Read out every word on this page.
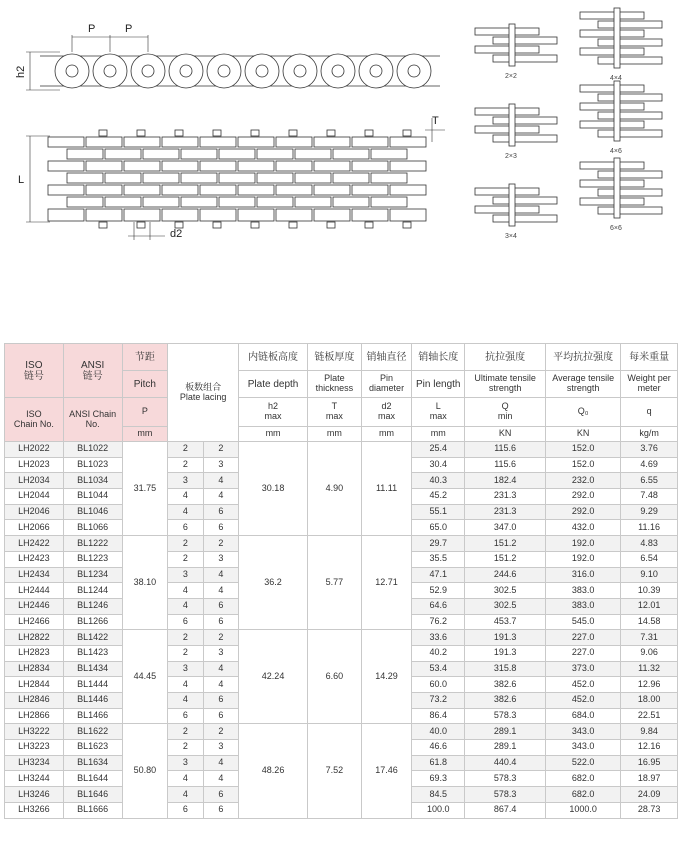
P	P
h2
L
T
d2
2×2
2×3
3×4
4×4
4×6
6×6
ISO
链号	ANSI
链号	节距	板数组合
Plate lacing		内链板高度	链板厚度	销轴直径	销轴长度	抗拉强度	平均抗拉强度	每米重量
		Pitch			Plate depth	Plate
thickness	Pin
diameter	Pin length	Ultimate tensile
strength	Average tensile
strength	Weight per
meter
ISO
Chain No.	ANSI Chain
No.	P			h2
max	T
max	d2
max	L
max	Q
min	Q₀	q
		mm			mm	mm	mm	mm	KN	KN	kg/m
LH2022	BL1022	31.75	2	2	30.18	4.90	11.11	25.4	115.6	152.0	3.76
LH2023	BL1023		2	3				30.4	115.6	152.0	4.69
LH2034	BL1034		3	4				40.3	182.4	232.0	6.55
LH2044	BL1044		4	4				45.2	231.3	292.0	7.48
LH2046	BL1046		4	6				55.1	231.3	292.0	9.29
LH2066	BL1066		6	6				65.0	347.0	432.0	11.16
LH2422	BL1222	38.10	2	2	36.2	5.77	12.71	29.7	151.2	192.0	4.83
LH2423	BL1223		2	3				35.5	151.2	192.0	6.54
LH2434	BL1234		3	4				47.1	244.6	316.0	9.10
LH2444	BL1244		4	4				52.9	302.5	383.0	10.39
LH2446	BL1246		4	6				64.6	302.5	383.0	12.01
LH2466	BL1266		6	6				76.2	453.7	545.0	14.58
LH2822	BL1422	44.45	2	2	42.24	6.60	14.29	33.6	191.3	227.0	7.31
LH2823	BL1423		2	3				40.2	191.3	227.0	9.06
LH2834	BL1434		3	4				53.4	315.8	373.0	11.32
LH2844	BL1444		4	4				60.0	382.6	452.0	12.96
LH2846	BL1446		4	6				73.2	382.6	452.0	18.00
LH2866	BL1466		6	6				86.4	578.3	684.0	22.51
LH3222	BL1622	50.80	2	2	48.26	7.52	17.46	40.0	289.1	343.0	9.84
LH3223	BL1623		2	3				46.6	289.1	343.0	12.16
LH3234	BL1634		3	4				61.8	440.4	522.0	16.95
LH3244	BL1644		4	4				69.3	578.3	682.0	18.97
LH3246	BL1646		4	6				84.5	578.3	682.0	24.09
LH3266	BL1666		6	6				100.0	867.4	1000.0	28.73
